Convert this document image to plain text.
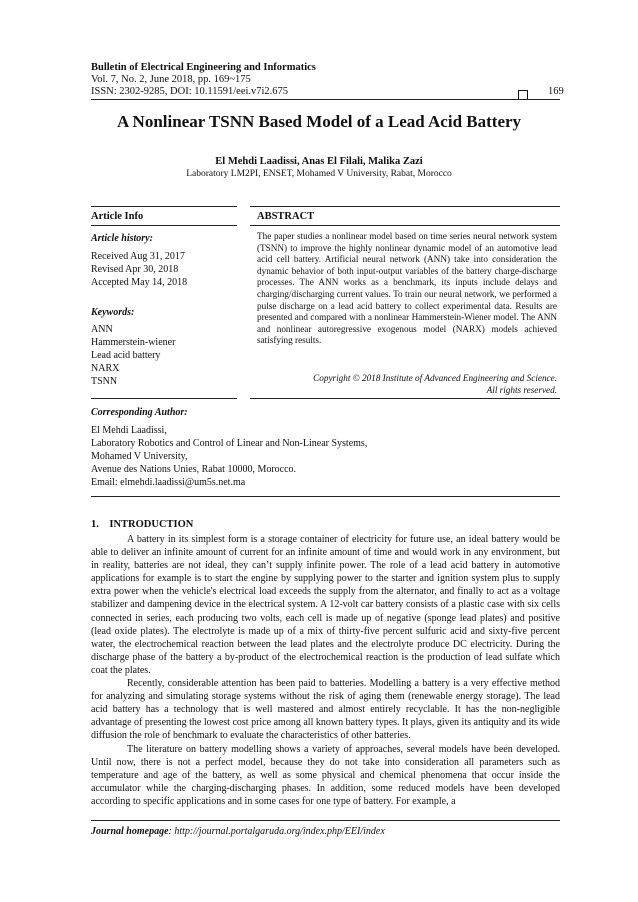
Bulletin of Electrical Engineering and Informatics
Vol. 7, No. 2, June 2018, pp. 169~175
ISSN: 2302-9285, DOI: 10.11591/eei.v7i2.675	169
A Nonlinear TSNN Based Model of a Lead Acid Battery
El Mehdi Laadissi, Anas El Filali, Malika Zazi
Laboratory LM2PI, ENSET, Mohamed V University, Rabat, Morocco
Article Info
Article history:
Received Aug 31, 2017
Revised Apr 30, 2018
Accepted May 14, 2018
Keywords:
ANN
Hammerstein-wiener
Lead acid battery
NARX
TSNN
ABSTRACT
The paper studies a nonlinear model based on time series neural network system (TSNN) to improve the highly nonlinear dynamic model of an automotive lead acid cell battery. Artificial neural network (ANN) take into consideration the dynamic behavior of both input-output variables of the battery charge-discharge processes. The ANN works as a benchmark, its inputs include delays and charging/discharging current values. To train our neural network, we performed a pulse discharge on a lead acid battery to collect experimental data. Results are presented and compared with a nonlinear Hammerstein-Wiener model. The ANN and nonlinear autoregressive exogenous model (NARX) models achieved satisfying results.
Copyright © 2018 Institute of Advanced Engineering and Science.
All rights reserved.
Corresponding Author:
El Mehdi Laadissi,
Laboratory Robotics and Control of Linear and Non-Linear Systems,
Mohamed V University,
Avenue des Nations Unies, Rabat 10000, Morocco.
Email: elmehdi.laadissi@um5s.net.ma
1.    INTRODUCTION

A battery in its simplest form is a storage container of electricity for future use, an ideal battery would be able to deliver an infinite amount of current for an infinite amount of time and would work in any environment, but in reality, batteries are not ideal, they can’t supply infinite power. The role of a lead acid battery in automotive applications for example is to start the engine by supplying power to the starter and ignition system plus to supply extra power when the vehicle's electrical load exceeds the supply from the alternator, and finally to act as a voltage stabilizer and dampening device in the electrical system. A 12-volt car battery consists of a plastic case with six cells connected in series, each producing two volts, each cell is made up of negative (sponge lead plates) and positive (lead oxide plates). The electrolyte is made up of a mix of thirty-five percent sulfuric acid and sixty-five percent water, the electrochemical reaction between the lead plates and the electrolyte produce DC electricity. During the discharge phase of the battery a by-product of the electrochemical reaction is the production of lead sulfate which coat the plates.

Recently, considerable attention has been paid to batteries. Modelling a battery is a very effective method for analyzing and simulating storage systems without the risk of aging them (renewable energy storage). The lead acid battery has a technology that is well mastered and almost entirely recyclable. It has the non-negligible advantage of presenting the lowest cost price among all known battery types. It plays, given its antiquity and its wide diffusion the role of benchmark to evaluate the characteristics of other batteries.

The literature on battery modelling shows a variety of approaches, several models have been developed. Until now, there is not a perfect model, because they do not take into consideration all parameters such as temperature and age of the battery, as well as some physical and chemical phenomena that occur inside the accumulator while the charging-discharging phases. In addition, some reduced models have been developed according to specific applications and in some cases for one type of battery. For example, a

Journal homepage: http://journal.portalgaruda.org/index.php/EEI/index
